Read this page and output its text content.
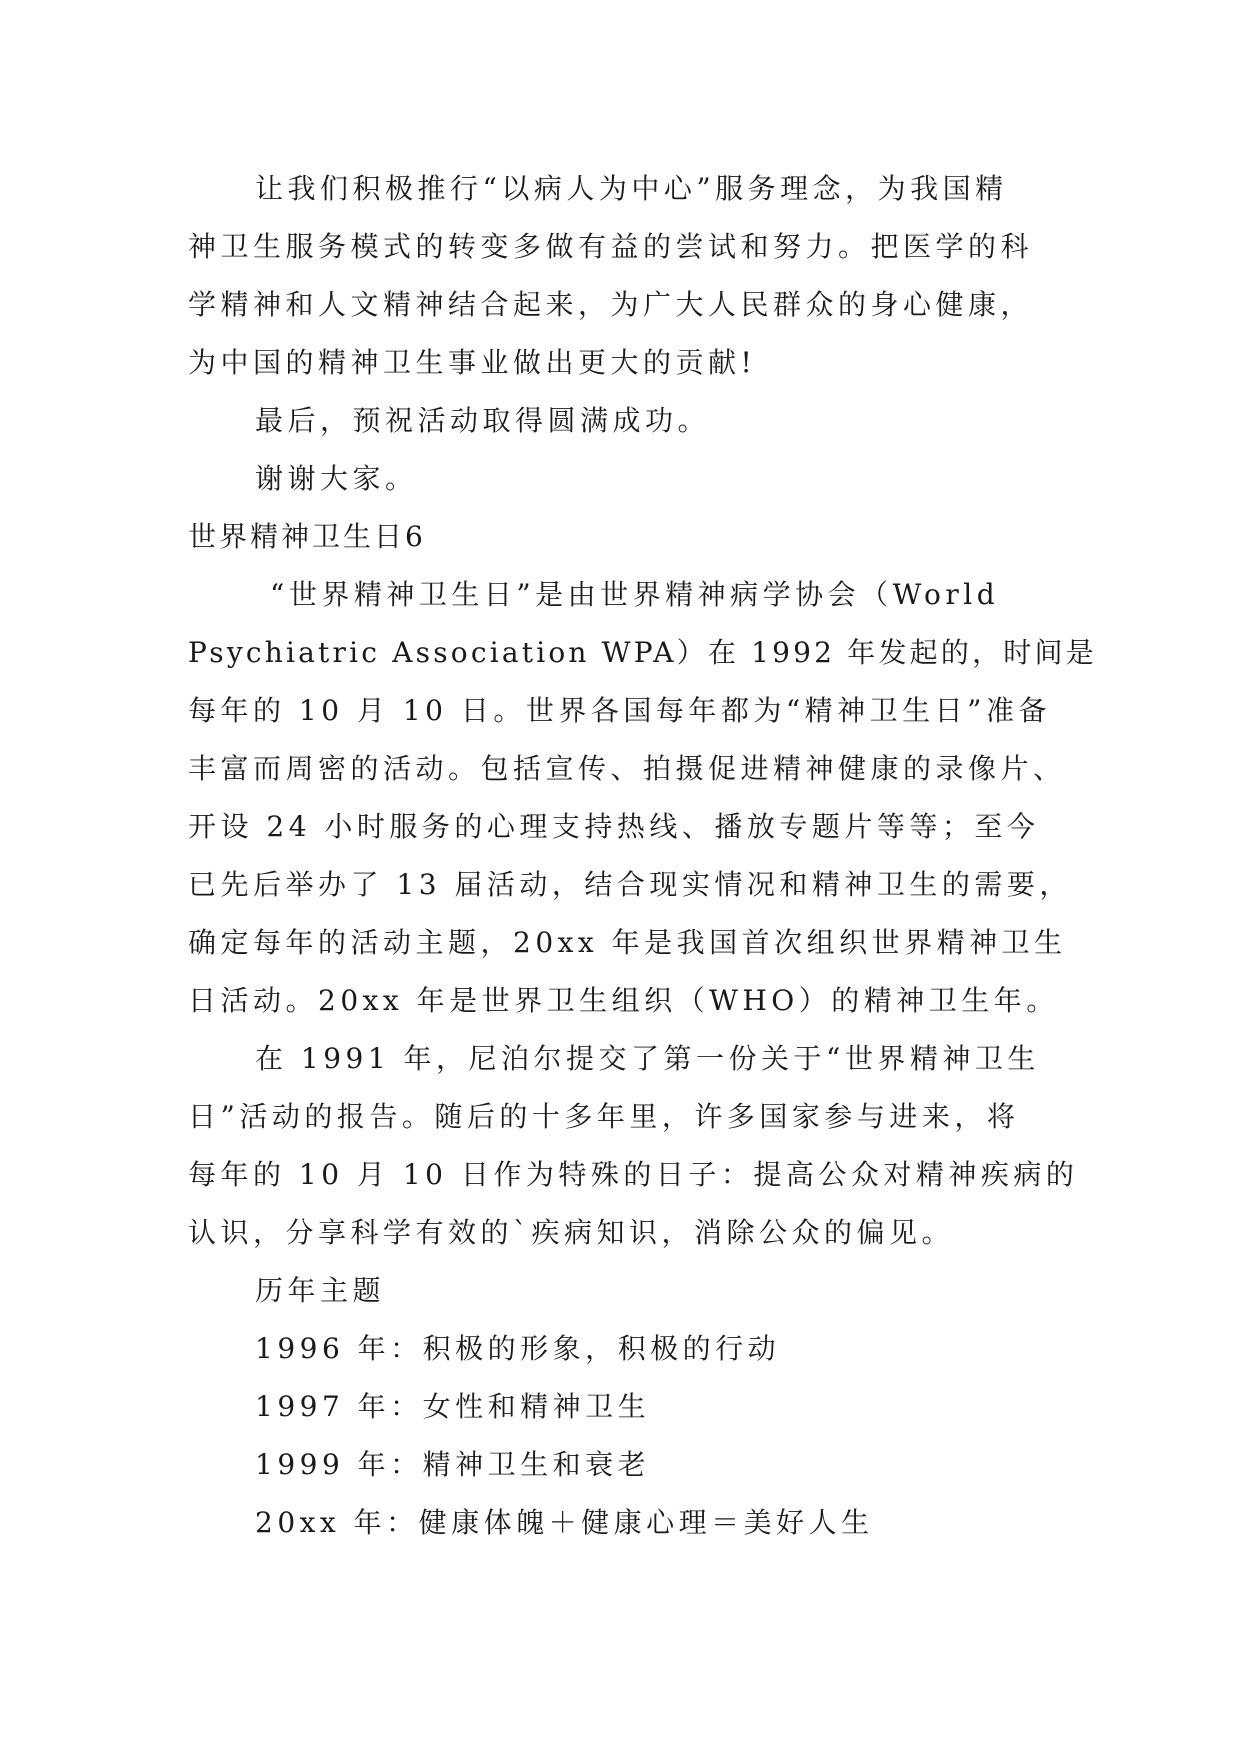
让我们积极推行“以病人为中心”服务理念，为我国精
神卫生服务模式的转变多做有益的尝试和努力。把医学的科
学精神和人文精神结合起来，为广大人民群众的身心健康，
为中国的精神卫生事业做出更大的贡献!
最后，预祝活动取得圆满成功。
谢谢大家。
世界精神卫生日6
“世界精神卫生日”是由世界精神病学协会（World
Psychiatric Association WPA）在 1992 年发起的，时间是
每年的 10 月 10 日。世界各国每年都为“精神卫生日”准备
丰富而周密的活动。包括宣传、拍摄促进精神健康的录像片、
开设 24 小时服务的心理支持热线、播放专题片等等；至今
已先后举办了 13 届活动，结合现实情况和精神卫生的需要，
确定每年的活动主题，20xx 年是我国首次组织世界精神卫生
日活动。20xx 年是世界卫生组织（WHO）的精神卫生年。
在 1991 年，尼泊尔提交了第一份关于“世界精神卫生
日”活动的报告。随后的十多年里，许多国家参与进来，将
每年的 10 月 10 日作为特殊的日子：提高公众对精神疾病的
认识，分享科学有效的`疾病知识，消除公众的偏见。
历年主题
1996 年：积极的形象，积极的行动
1997 年：女性和精神卫生
1999 年：精神卫生和衰老
20xx 年：健康体魄＋健康心理＝美好人生
